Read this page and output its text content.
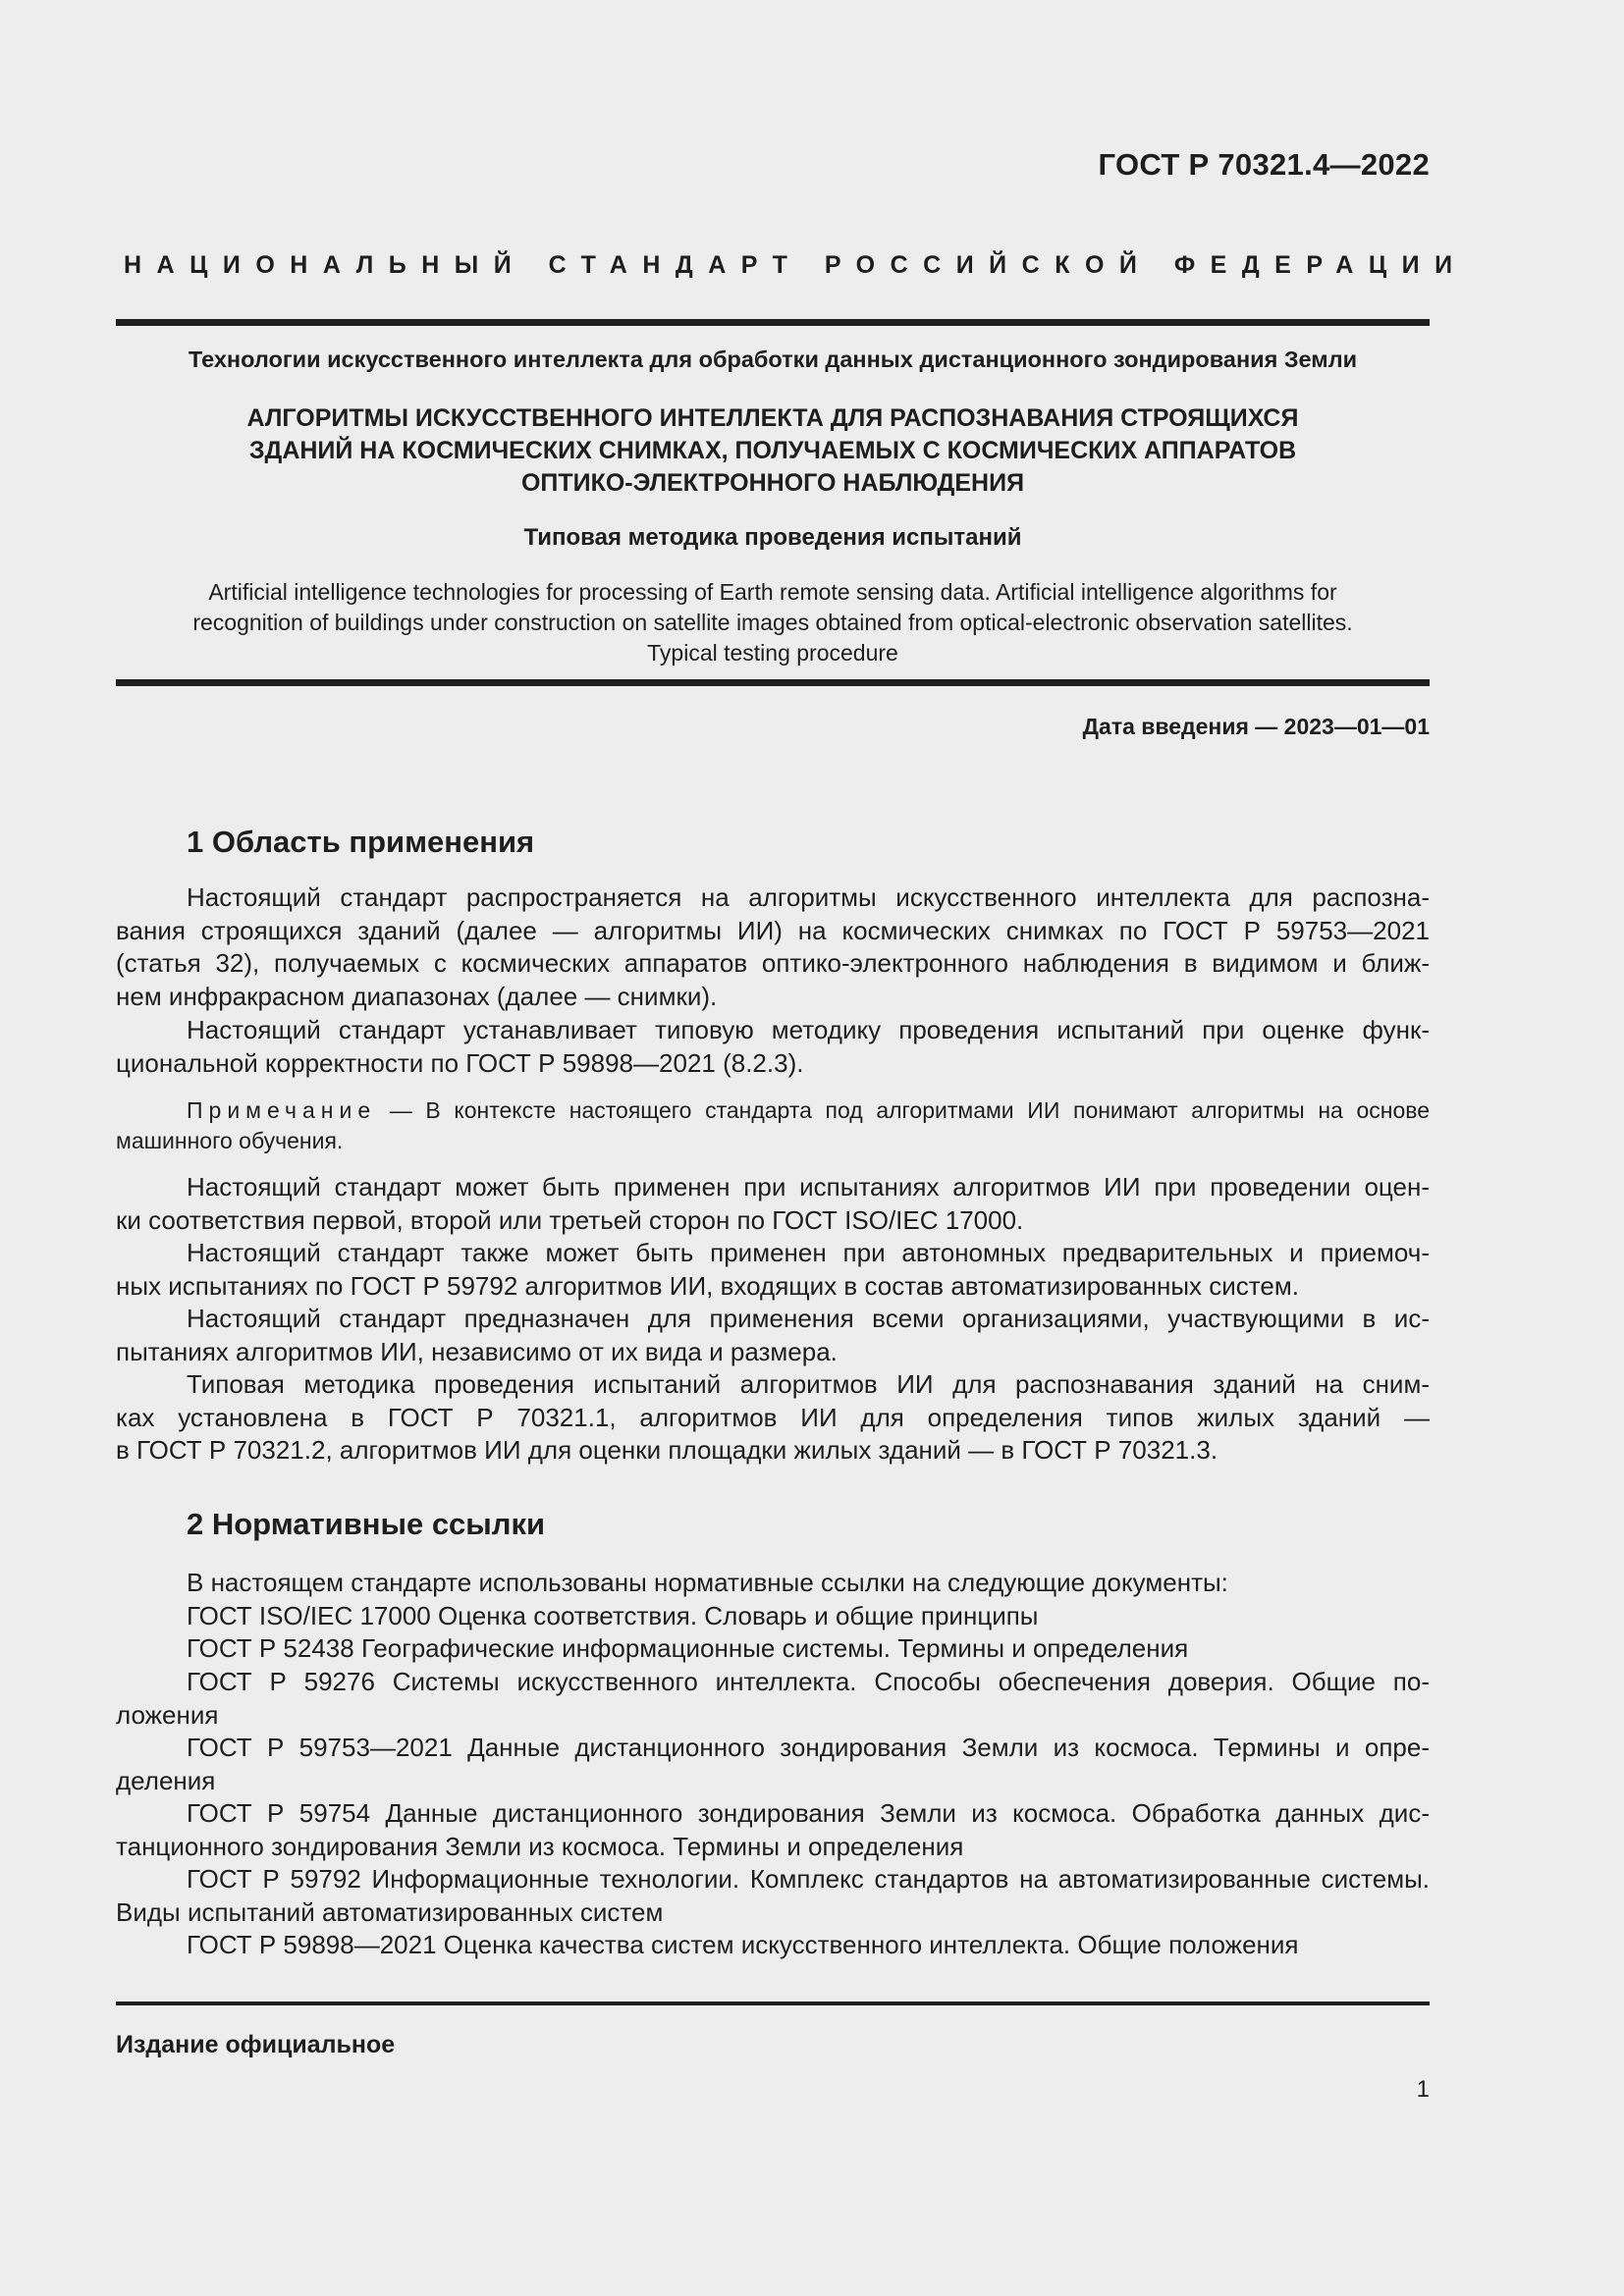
ГОСТ Р 70321.4—2022
НАЦИОНАЛЬНЫЙ СТАНДАРТ РОССИЙСКОЙ ФЕДЕРАЦИИ
Технологии искусственного интеллекта для обработки данных дистанционного зондирования Земли
АЛГОРИТМЫ ИСКУССТВЕННОГО ИНТЕЛЛЕКТА ДЛЯ РАСПОЗНАВАНИЯ СТРОЯЩИХСЯ
ЗДАНИЙ НА КОСМИЧЕСКИХ СНИМКАХ, ПОЛУЧАЕМЫХ С КОСМИЧЕСКИХ АППАРАТОВ
ОПТИКО-ЭЛЕКТРОННОГО НАБЛЮДЕНИЯ
Типовая методика проведения испытаний
Artificial intelligence technologies for processing of Earth remote sensing data. Artificial intelligence algorithms for
recognition of buildings under construction on satellite images obtained from optical-electronic observation satellites.
Typical testing procedure
Дата введения — 2023—01—01
1 Область применения
Настоящий стандарт распространяется на алгоритмы искусственного интеллекта для распозна-
вания строящихся зданий (далее — алгоритмы ИИ) на космических снимках по ГОСТ Р 59753—2021
(статья 32), получаемых с космических аппаратов оптико-электронного наблюдения в видимом и ближ-
нем инфракрасном диапазонах (далее — снимки).
Настоящий стандарт устанавливает типовую методику проведения испытаний при оценке функ-
циональной корректности по ГОСТ Р 59898—2021 (8.2.3).
Примечание — В контексте настоящего стандарта под алгоритмами ИИ понимают алгоритмы на основе
машинного обучения.
Настоящий стандарт может быть применен при испытаниях алгоритмов ИИ при проведении оцен-
ки соответствия первой, второй или третьей сторон по ГОСТ ISO/IEC 17000.
Настоящий стандарт также может быть применен при автономных предварительных и приемоч-
ных испытаниях по ГОСТ Р 59792 алгоритмов ИИ, входящих в состав автоматизированных систем.
Настоящий стандарт предназначен для применения всеми организациями, участвующими в ис-
пытаниях алгоритмов ИИ, независимо от их вида и размера.
Типовая методика проведения испытаний алгоритмов ИИ для распознавания зданий на сним-
ках установлена в ГОСТ Р 70321.1, алгоритмов ИИ для определения типов жилых зданий —
в ГОСТ Р 70321.2, алгоритмов ИИ для оценки площадки жилых зданий — в ГОСТ Р 70321.3.
2 Нормативные ссылки
В настоящем стандарте использованы нормативные ссылки на следующие документы:
ГОСТ ISO/IEC 17000 Оценка соответствия. Словарь и общие принципы
ГОСТ Р 52438 Географические информационные системы. Термины и определения
ГОСТ Р 59276 Системы искусственного интеллекта. Способы обеспечения доверия. Общие по-
ложения
ГОСТ Р 59753—2021 Данные дистанционного зондирования Земли из космоса. Термины и опре-
деления
ГОСТ Р 59754 Данные дистанционного зондирования Земли из космоса. Обработка данных дис-
танционного зондирования Земли из космоса. Термины и определения
ГОСТ Р 59792 Информационные технологии. Комплекс стандартов на автоматизированные системы.
Виды испытаний автоматизированных систем
ГОСТ Р 59898—2021 Оценка качества систем искусственного интеллекта. Общие положения
Издание официальное
1
